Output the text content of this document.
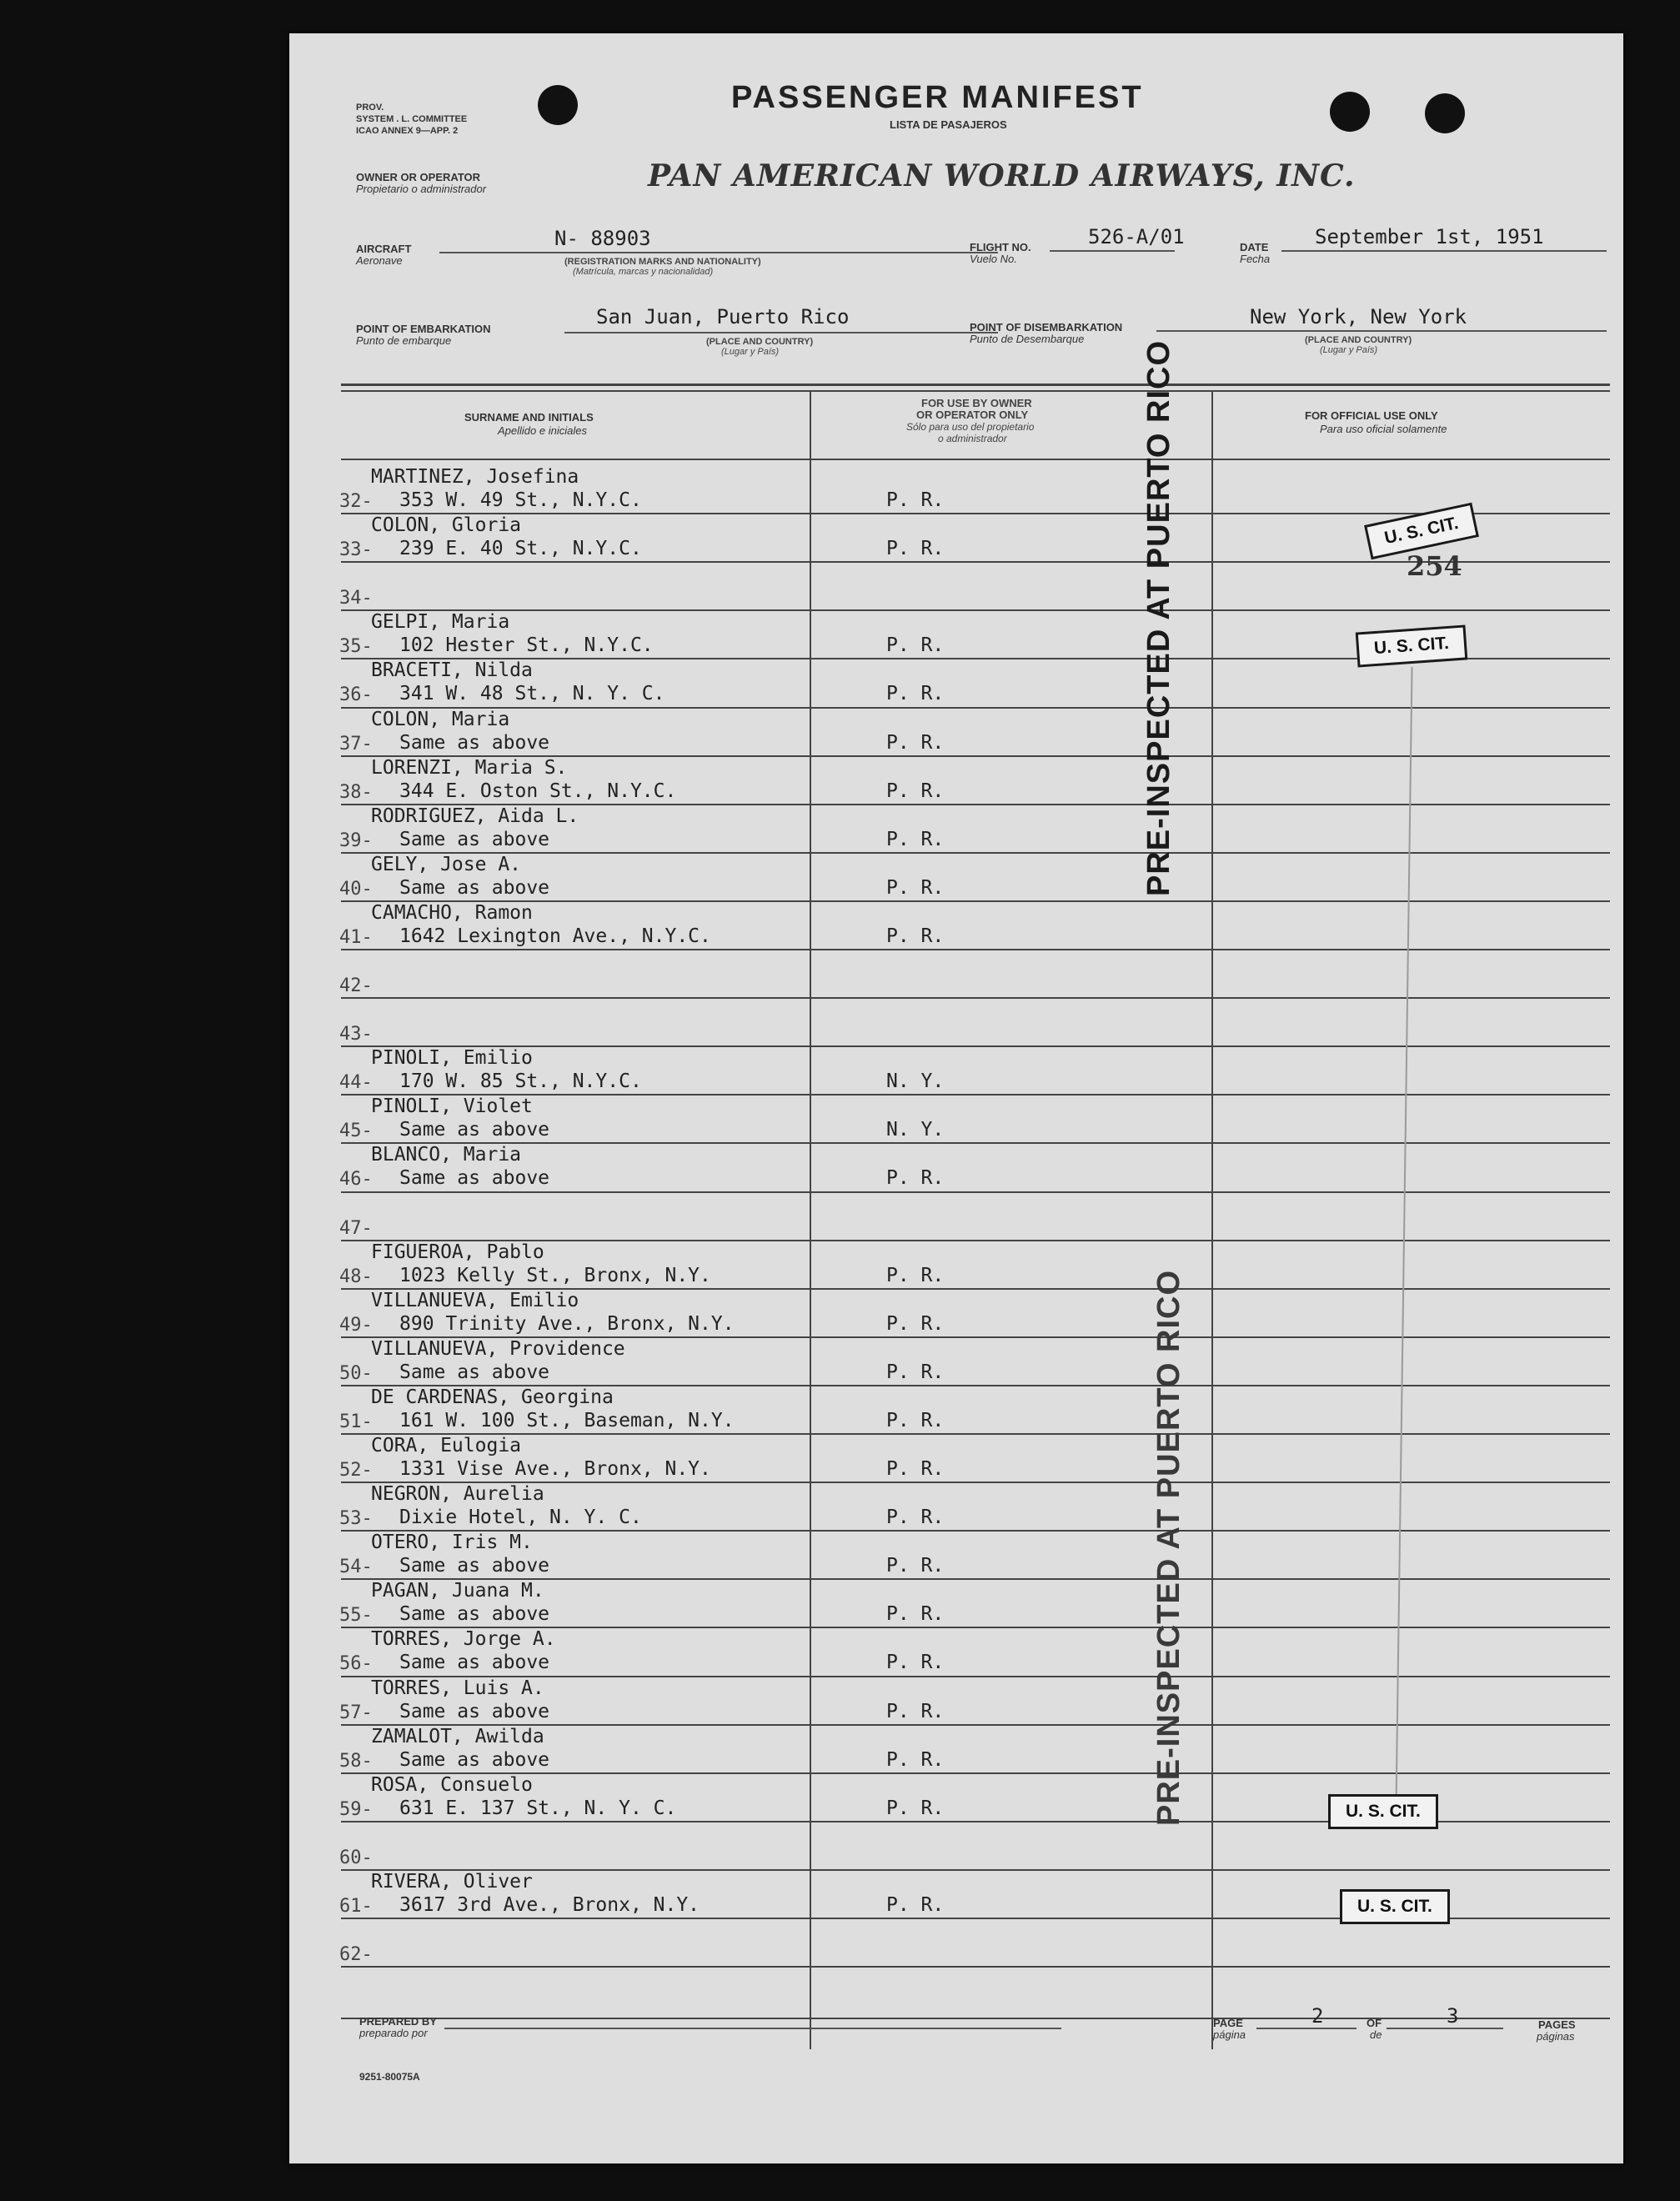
PROV.
SYSTEM . L. COMMITTEE
ICAO ANNEX 9—APP. 2
PASSENGER MANIFEST
LISTA DE PASAJEROS
OWNER OR OPERATOR
Propietario o administrador	PAN AMERICAN WORLD AIRWAYS, INC.
AIRCRAFT
Aeronave
N- 88903
(REGISTRATION MARKS AND NATIONALITY)
(Matrícula, marcas y nacionalidad)
FLIGHT NO.
Vuelo No.
526-A/01	DATE
Fecha
September 1st, 1951
POINT OF EMBARKATION
Punto de embarque
San Juan, Puerto Rico
(PLACE AND COUNTRY)
(Lugar y País)
POINT OF DISEMBARKATION
Punto de Desembarque
New York, New York
(PLACE AND COUNTRY)
(Lugar y País)
SURNAME AND INITIALS
Apellido e iniciales
FOR USE BY OWNER
OR OPERATOR ONLY
Sólo para uso del propietario
o administrador
FOR OFFICIAL USE ONLY
Para uso oficial solamente
32-
MARTINEZ, Josefina
353 W. 49 St., N.Y.C.	P. R.
33-
COLON, Gloria
239 E. 40 St., N.Y.C.	P. R.
34-
35-
GELPI, Maria
102 Hester St., N.Y.C.	P. R.
36-
BRACETI, Nilda
341 W. 48 St., N. Y. C.	P. R.
37-
COLON, Maria
Same as above	P. R.
38-
LORENZI, Maria S.
344 E. Oston St., N.Y.C.	P. R.
39-
RODRIGUEZ, Aida L.
Same as above	P. R.
40-
GELY, Jose A.
Same as above	P. R.
41-
CAMACHO, Ramon
1642 Lexington Ave., N.Y.C.	P. R.
42-
43-
44-
PINOLI, Emilio
170 W. 85 St., N.Y.C.	N. Y.
45-
PINOLI, Violet
Same as above	N. Y.
46-
BLANCO, Maria
Same as above	P. R.
47-
48-
FIGUEROA, Pablo
1023 Kelly St., Bronx, N.Y.	P. R.
49-
VILLANUEVA, Emilio
890 Trinity Ave., Bronx, N.Y.	P. R.
50-
VILLANUEVA, Providence
Same as above	P. R.
51-
DE CARDENAS, Georgina
161 W. 100 St., Baseman, N.Y.	P. R.
52-
CORA, Eulogia
1331 Vise Ave., Bronx, N.Y.	P. R.
53-
NEGRON, Aurelia
Dixie Hotel, N. Y. C.	P. R.
54-
OTERO, Iris M.
Same as above	P. R.
55-
PAGAN, Juana M.
Same as above	P. R.
56-
TORRES, Jorge A.
Same as above	P. R.
57-
TORRES, Luis A.
Same as above	P. R.
58-
ZAMALOT, Awilda
Same as above	P. R.
59-
ROSA, Consuelo
631 E. 137 St., N. Y. C.	P. R.
60-
61-
RIVERA, Oliver
3617 3rd Ave., Bronx, N.Y.	P. R.
62-
PRE-INSPECTED AT PUERTO RICO
PRE-INSPECTED AT PUERTO RICO
U. S. CIT.
254
U. S. CIT.
U. S. CIT.
U. S. CIT.
PREPARED BY
preparado por
PAGE
página
2	OF
de
3	PAGES
páginas
9251-80075A
